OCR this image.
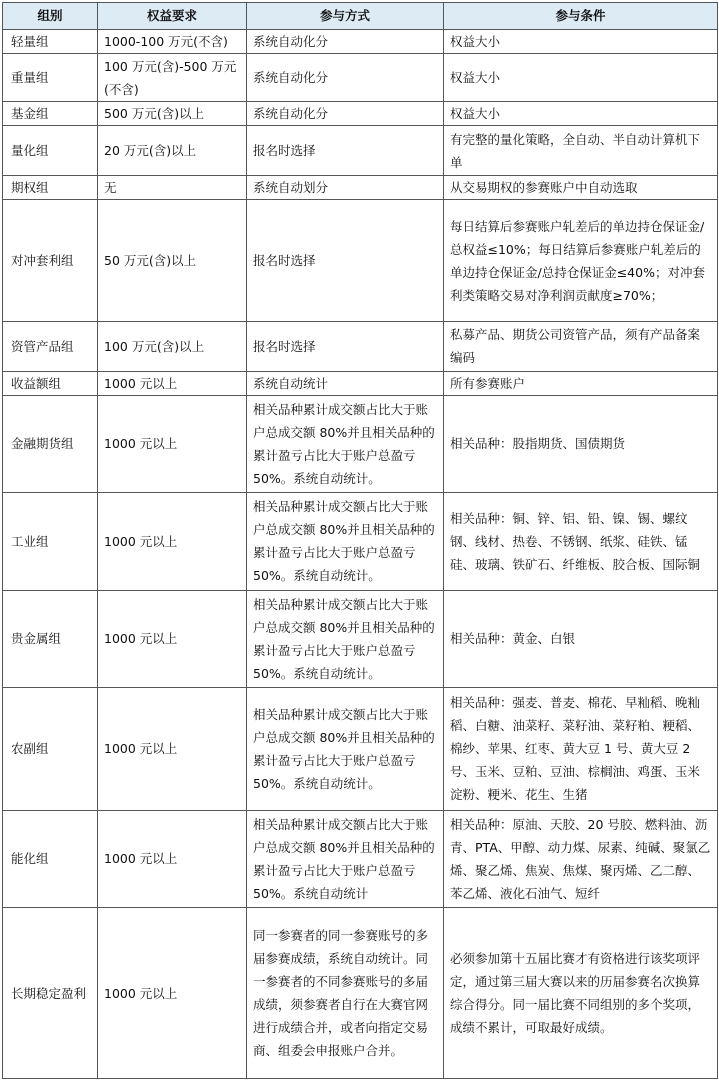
组别	权益要求	参与方式	参与条件
轻量组	1000-100 万元(不含)	系统自动化分	权益大小
重量组	100 万元(含)-500 万元(不含)	系统自动化分	权益大小
基金组	500 万元(含)以上	系统自动化分	权益大小
量化组	20 万元(含)以上	报名时选择	有完整的量化策略，全自动、半自动计算机下单
期权组	无	系统自动划分	从交易期权的参赛账户中自动选取
对冲套利组	50 万元(含)以上	报名时选择	每日结算后参赛账户轧差后的单边持仓保证金/总权益≤10%；每日结算后参赛账户轧差后的单边持仓保证金/总持仓保证金≤40%；对冲套利类策略交易对净利润贡献度≥70%；
资管产品组	100 万元(含)以上	报名时选择	私募产品、期货公司资管产品，须有产品备案编码
收益额组	1000 元以上	系统自动统计	所有参赛账户
金融期货组	1000 元以上	相关品种累计成交额占比大于账户总成交额 80%并且相关品种的累计盈亏占比大于账户总盈亏 50%。系统自动统计。	相关品种：股指期货、国债期货
工业组	1000 元以上	相关品种累计成交额占比大于账户总成交额 80%并且相关品种的累计盈亏占比大于账户总盈亏 50%。系统自动统计。	相关品种：铜、锌、铝、铅、镍、锡、螺纹钢、线材、热卷、不锈钢、纸浆、硅铁、锰硅、玻璃、铁矿石、纤维板、胶合板、国际铜
贵金属组	1000 元以上	相关品种累计成交额占比大于账户总成交额 80%并且相关品种的累计盈亏占比大于账户总盈亏 50%。系统自动统计。	相关品种：黄金、白银
农副组	1000 元以上	相关品种累计成交额占比大于账户总成交额 80%并且相关品种的累计盈亏占比大于账户总盈亏 50%。系统自动统计。	相关品种：强麦、普麦、棉花、早籼稻、晚籼稻、白糖、油菜籽、菜籽油、菜籽粕、粳稻、棉纱、苹果、红枣、黄大豆 1 号、黄大豆 2 号、玉米、豆粕、豆油、棕榈油、鸡蛋、玉米淀粉、粳米、花生、生猪
能化组	1000 元以上	相关品种累计成交额占比大于账户总成交额 80%并且相关品种的累计盈亏占比大于账户总盈亏 50%。系统自动统计	相关品种：原油、天胶、20 号胶、燃料油、沥青、PTA、甲醇、动力煤、尿素、纯碱、聚氯乙烯、聚乙烯、焦炭、焦煤、聚丙烯、乙二醇、苯乙烯、液化石油气、短纤
长期稳定盈利	1000 元以上	同一参赛者的同一参赛账号的多届参赛成绩，系统自动统计。同一参赛者的不同参赛账号的多届成绩，须参赛者自行在大赛官网进行成绩合并，或者向指定交易商、组委会申报账户合并。	必须参加第十五届比赛才有资格进行该奖项评定，通过第三届大赛以来的历届参赛名次换算综合得分。同一届比赛不同组别的多个奖项，成绩不累计，可取最好成绩。
